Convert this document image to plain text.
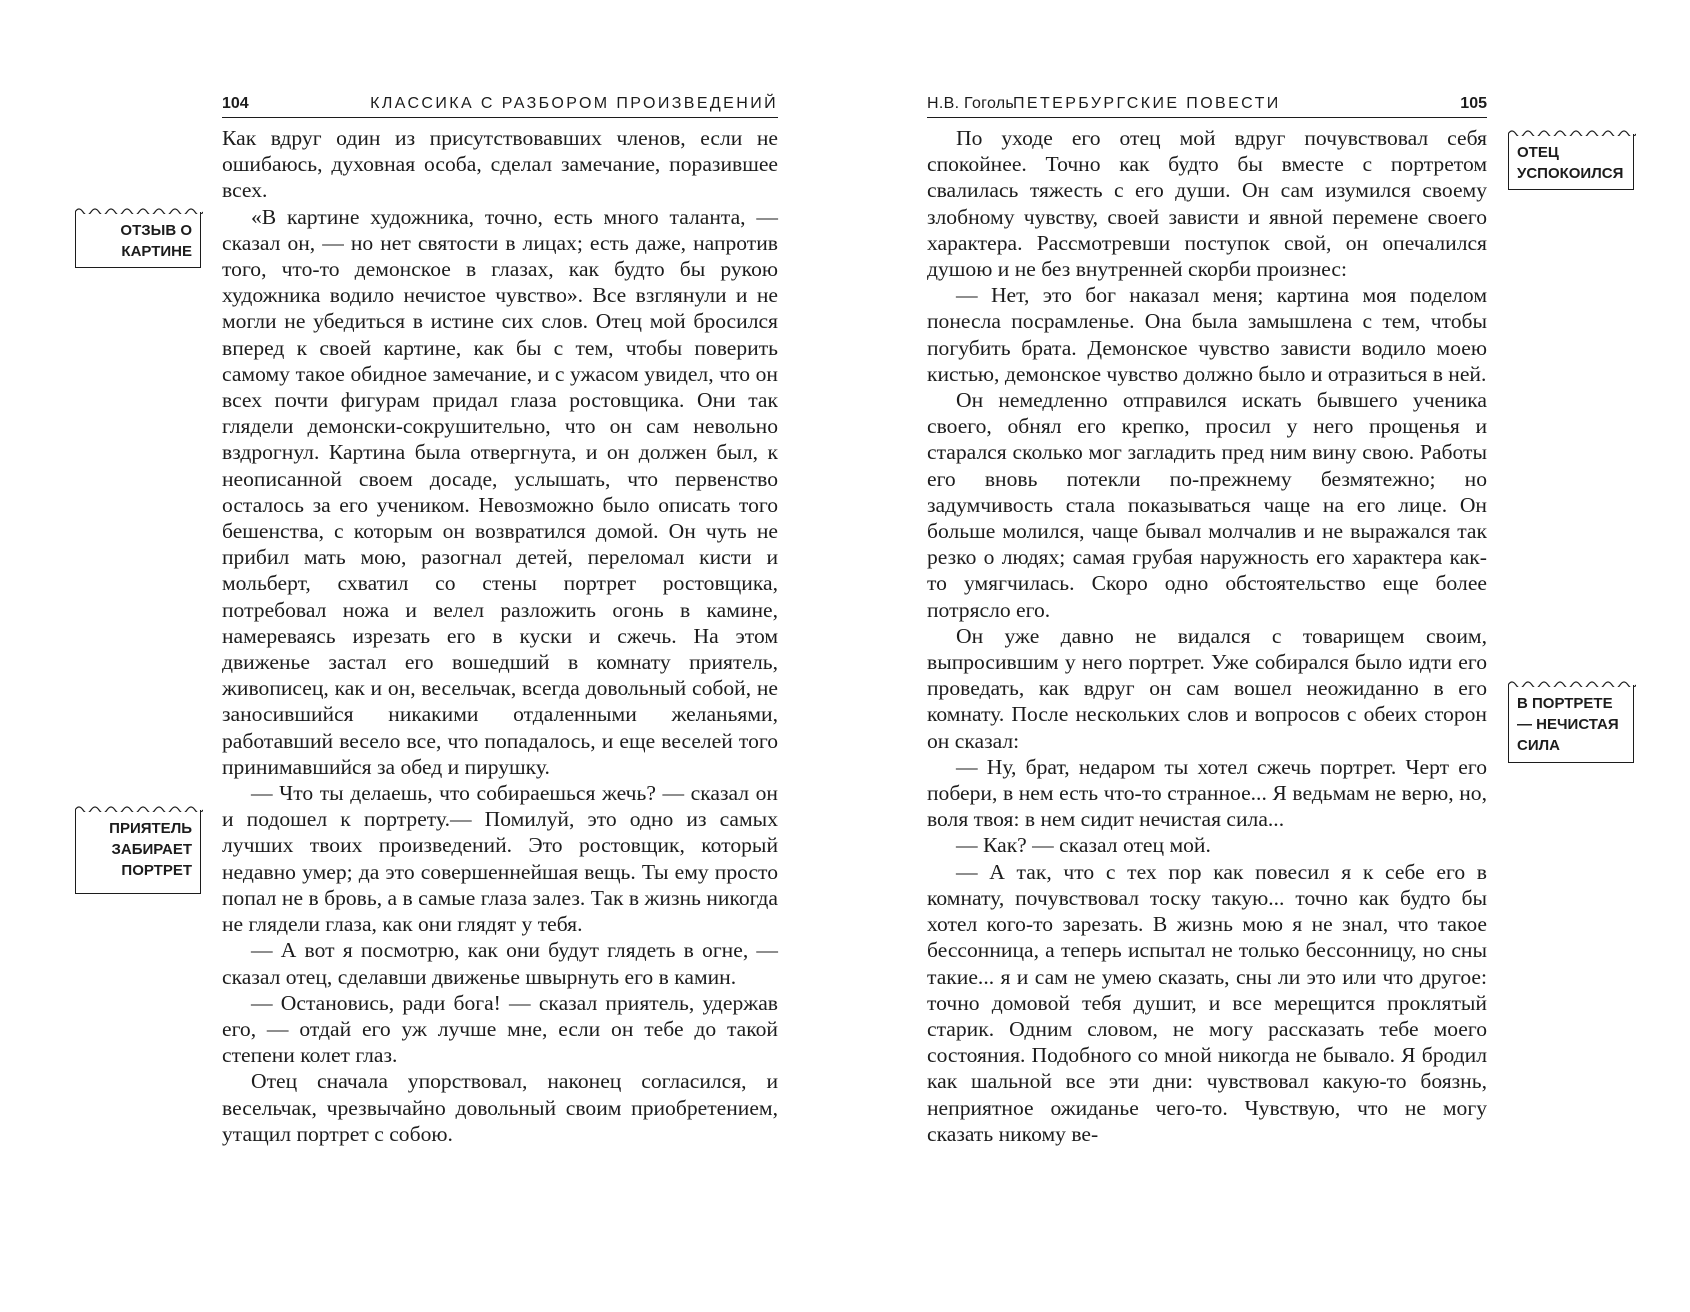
104	КЛАССИКА С РАЗБОРОМ ПРОИЗВЕДЕНИЙ

Как вдруг один из присутствовавших членов, если не ошибаюсь, духовная особа, сделал замечание, поразившее всех.

«В картине художника, точно, есть много таланта, — сказал он, — но нет святости в лицах; есть даже, напротив того, что-то демонское в глазах, как будто бы рукою художника водило нечистое чувство». Все взглянули и не могли не убедиться в истине сих слов. Отец мой бросился вперед к своей картине, как бы с тем, чтобы поверить самому такое обидное замечание, и с ужасом увидел, что он всех почти фигурам придал глаза ростовщика. Они так глядели демонски-сокрушительно, что он сам невольно вздрогнул. Картина была отвергнута, и он должен был, к неописанной своем досаде, услышать, что первенство осталось за его учеником. Невозможно было описать того бешенства, с которым он возвратился домой. Он чуть не прибил мать мою, разогнал детей, переломал кисти и мольберт, схватил со стены портрет ростовщика, потребовал ножа и велел разложить огонь в камине, намереваясь изрезать его в куски и сжечь. На этом движенье застал его вошедший в комнату приятель, живописец, как и он, весельчак, всегда довольный собой, не заносившийся никакими отдаленными желаньями, работавший весело все, что попадалось, и еще веселей того принимавшийся за обед и пирушку.

— Что ты делаешь, что собираешься жечь? — сказал он и подошел к портрету.— Помилуй, это одно из самых лучших твоих произведений. Это ростовщик, который недавно умер; да это совершеннейшая вещь. Ты ему просто попал не в бровь, а в самые глаза залез. Так в жизнь никогда не глядели глаза, как они глядят у тебя.

— А вот я посмотрю, как они будут глядеть в огне, — сказал отец, сделавши движенье швырнуть его в камин.

— Остановись, ради бога! — сказал приятель, удержав его, — отдай его уж лучше мне, если он тебе до такой степени колет глаз.

Отец сначала упорствовал, наконец согласился, и весельчак, чрезвычайно довольный своим приобретением, утащил портрет с собою.

ОТЗЫВ О КАРТИНЕ
ПРИЯТЕЛЬ ЗАБИРАЕТ ПОРТРЕТ
Н.В. Гоголь
ПЕТЕРБУРГСКИЕ ПОВЕСТИ	105

По уходе его отец мой вдруг почувствовал себя спокойнее. Точно как будто бы вместе с портретом свалилась тяжесть с его души. Он сам изумился своему злобному чувству, своей зависти и явной перемене своего характера. Рассмотревши поступок свой, он опечалился душою и не без внутренней скорби произнес:

— Нет, это бог наказал меня; картина моя поделом понесла посрамленье. Она была замышлена с тем, чтобы погубить брата. Демонское чувство зависти водило моею кистью, демонское чувство должно было и отразиться в ней.

Он немедленно отправился искать бывшего ученика своего, обнял его крепко, просил у него прощенья и старался сколько мог загладить пред ним вину свою. Работы его вновь потекли по-прежнему безмятежно; но задумчивость стала показываться чаще на его лице. Он больше молился, чаще бывал молчалив и не выражался так резко о людях; самая грубая наружность его характера как-то умягчилась. Скоро одно обстоятельство еще более потрясло его.

Он уже давно не видался с товарищем своим, выпросившим у него портрет. Уже собирался было идти его проведать, как вдруг он сам вошел неожиданно в его комнату. После нескольких слов и вопросов с обеих сторон он сказал:

— Ну, брат, недаром ты хотел сжечь портрет. Черт его побери, в нем есть что-то странное... Я ведьмам не верю, но, воля твоя: в нем сидит нечистая сила...

— Как? — сказал отец мой.

— А так, что с тех пор как повесил я к себе его в комнату, почувствовал тоску такую... точно как будто бы хотел кого-то зарезать. В жизнь мою я не знал, что такое бессонница, а теперь испытал не только бессонницу, но сны такие... я и сам не умею сказать, сны ли это или что другое: точно домовой тебя душит, и все мерещится проклятый старик. Одним словом, не могу рассказать тебе моего состояния. Подобного со мной никогда не бывало. Я бродил как шальной все эти дни: чувствовал какую-то боязнь, неприятное ожиданье чего-то. Чувствую, что не могу сказать никому ве-

ОТЕЦ УСПОКОИЛСЯ
В ПОРТРЕТЕ — НЕЧИСТАЯ СИЛА
